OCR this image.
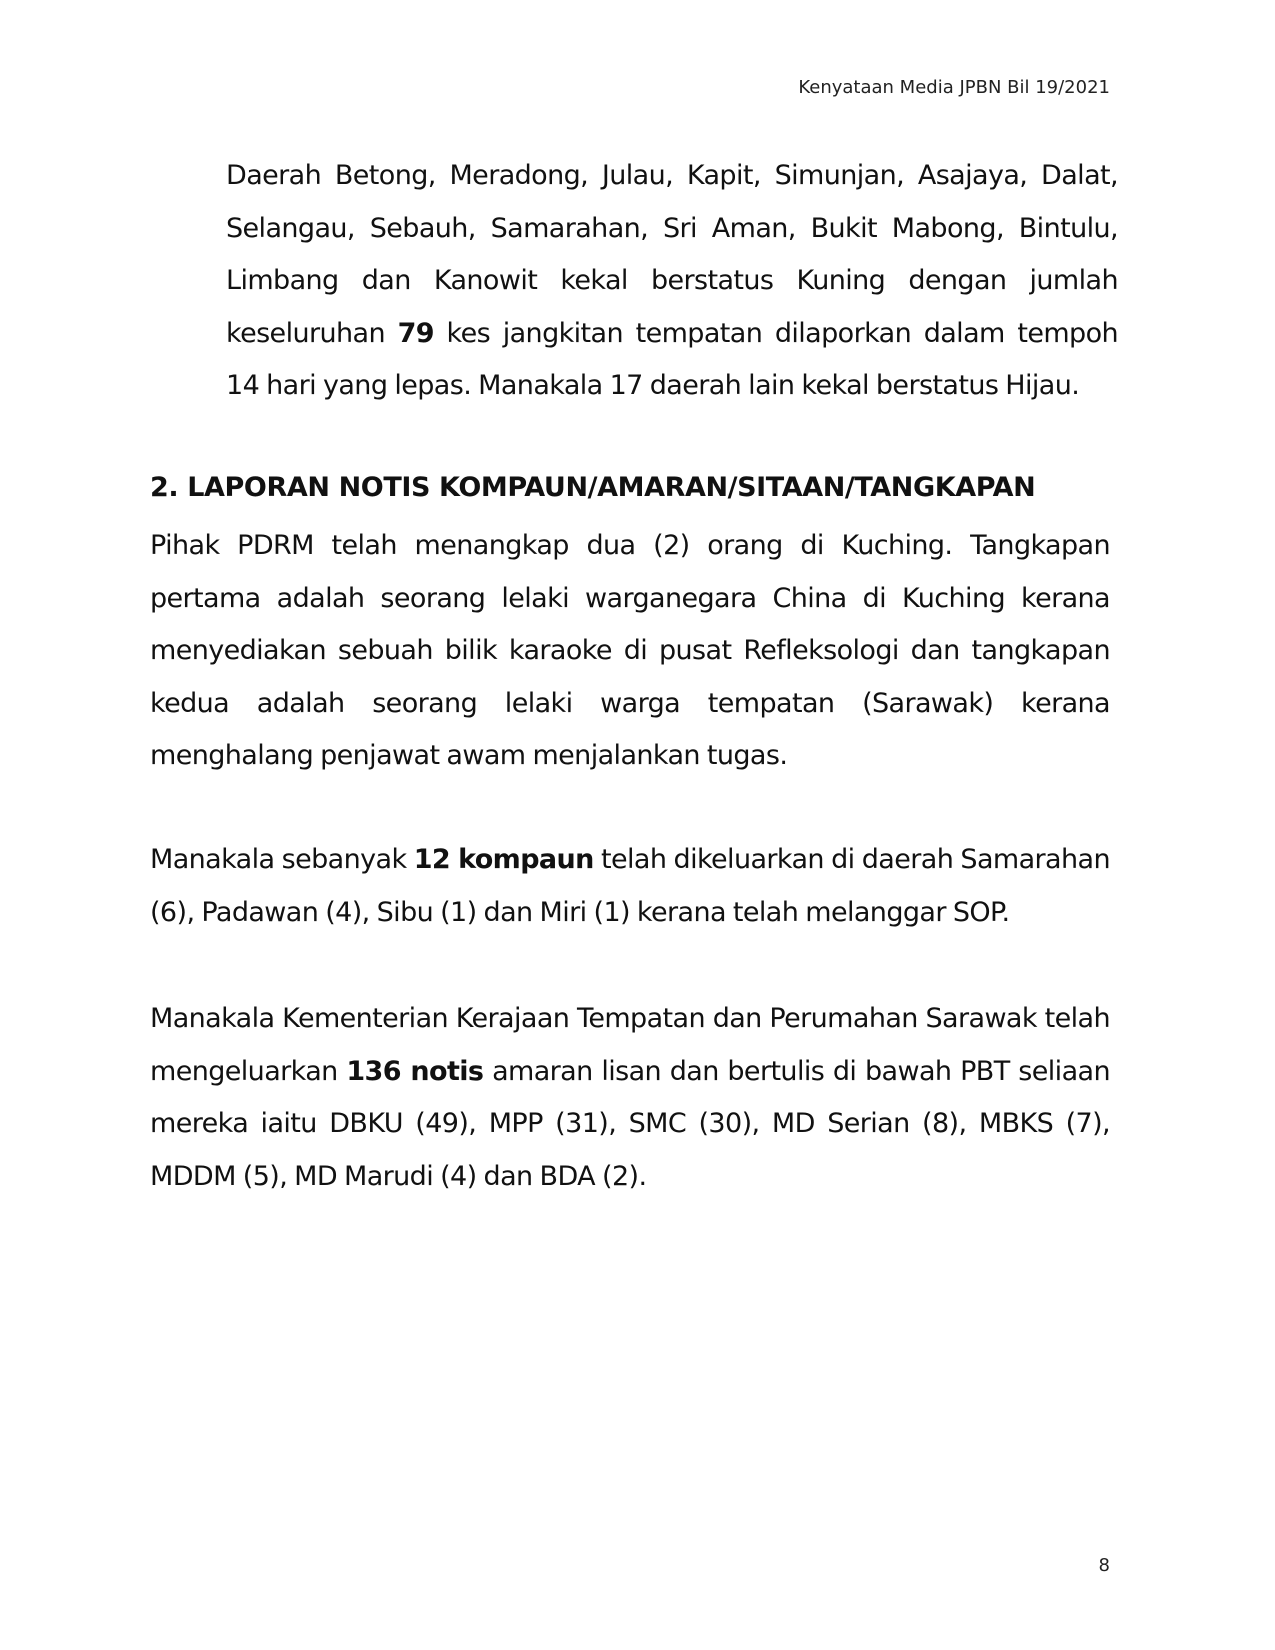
Kenyataan Media JPBN Bil 19/2021

Daerah Betong, Meradong, Julau, Kapit, Simunjan, Asajaya, Dalat, Selangau, Sebauh, Samarahan, Sri Aman, Bukit Mabong, Bintulu, Limbang dan Kanowit kekal berstatus Kuning dengan jumlah keseluruhan 79 kes jangkitan tempatan dilaporkan dalam tempoh 14 hari yang lepas. Manakala 17 daerah lain kekal berstatus Hijau.

2. LAPORAN NOTIS KOMPAUN/AMARAN/SITAAN/TANGKAPAN

Pihak PDRM telah menangkap dua (2) orang di Kuching. Tangkapan pertama adalah seorang lelaki warganegara China di Kuching kerana menyediakan sebuah bilik karaoke di pusat Refleksologi dan tangkapan kedua adalah seorang lelaki warga tempatan (Sarawak) kerana menghalang penjawat awam menjalankan tugas.

Manakala sebanyak 12 kompaun telah dikeluarkan di daerah Samarahan (6), Padawan (4), Sibu (1) dan Miri (1) kerana telah melanggar SOP.

Manakala Kementerian Kerajaan Tempatan dan Perumahan Sarawak telah mengeluarkan 136 notis amaran lisan dan bertulis di bawah PBT seliaan mereka iaitu DBKU (49), MPP (31), SMC (30), MD Serian (8), MBKS (7), MDDM (5), MD Marudi (4) dan BDA (2).

8
